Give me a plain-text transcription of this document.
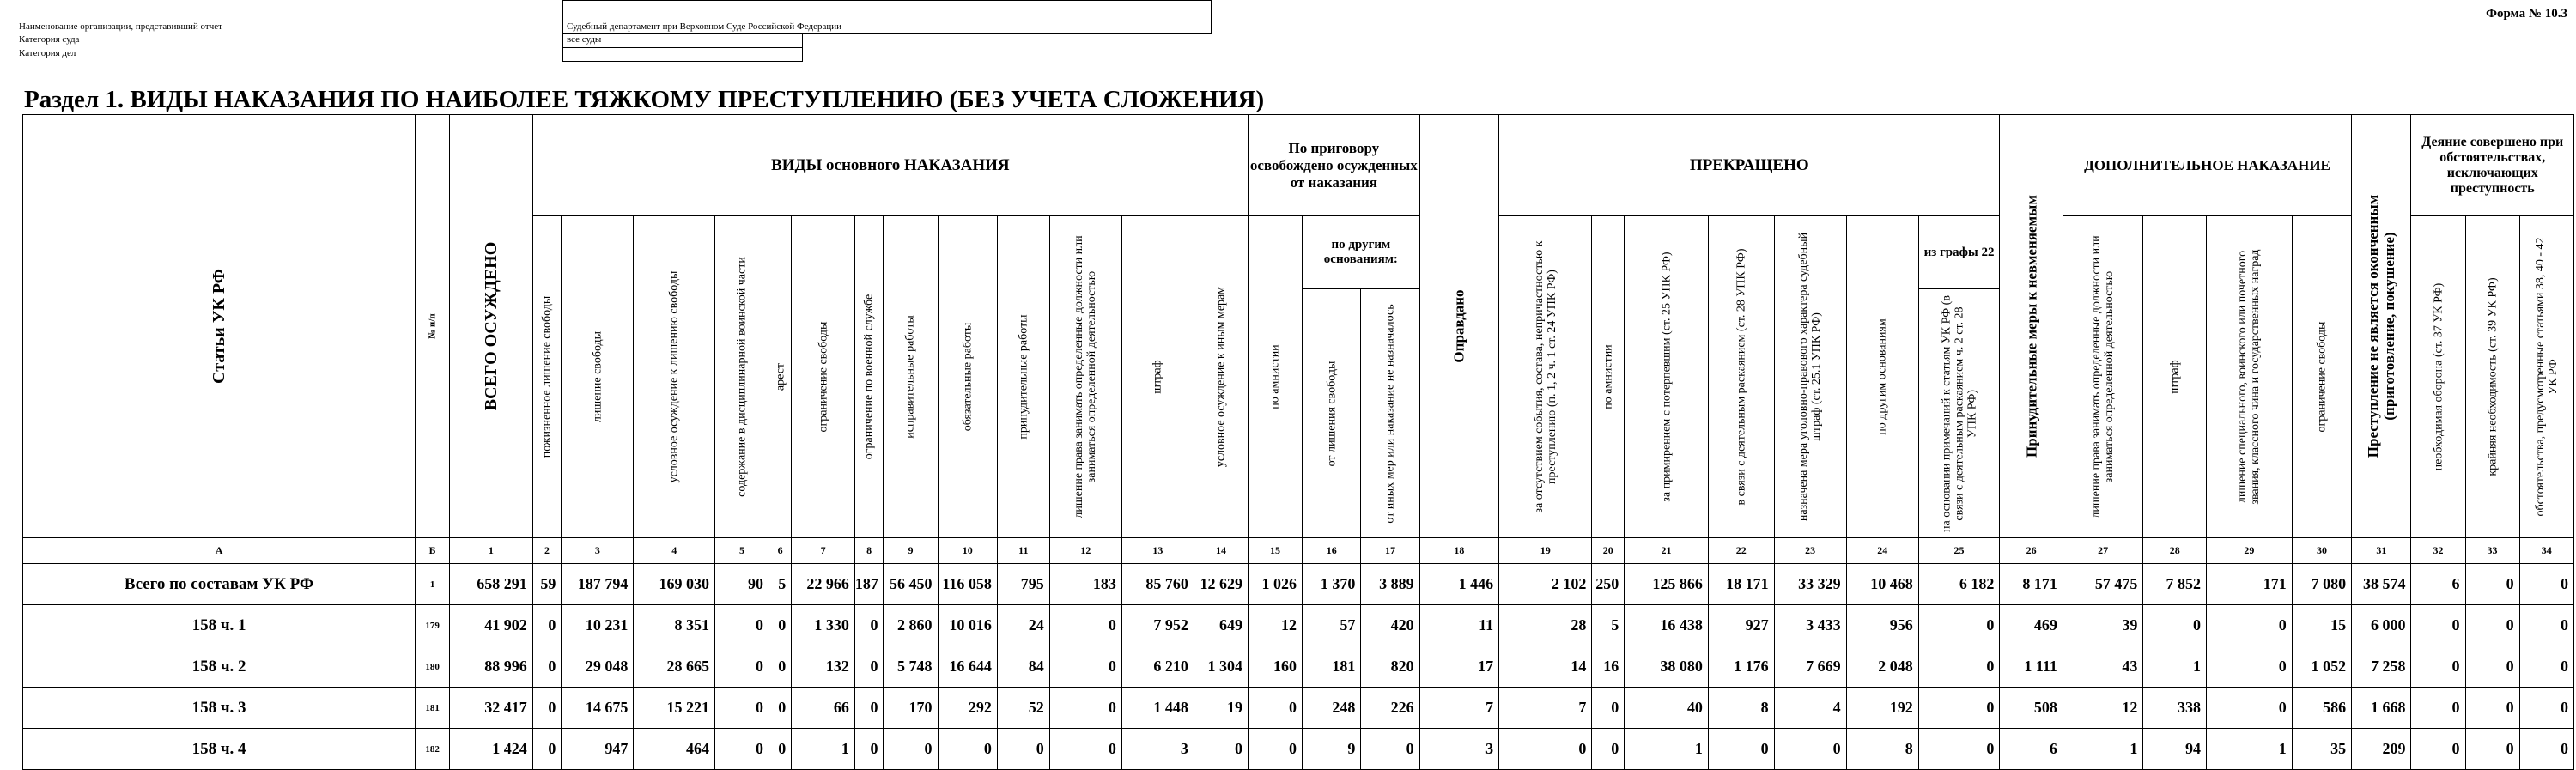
Наименование организации, представивший отчет
Категория суда
Категория дел
Судебный департамент при Верховном Суде Российской Федерации
все суды
Форма № 10.3
Раздел 1. ВИДЫ НАКАЗАНИЯ ПО НАИБОЛЕЕ ТЯЖКОМУ ПРЕСТУПЛЕНИЮ (БЕЗ УЧЕТА СЛОЖЕНИЯ)
Статьи УК РФ	№ п/п	ВСЕГО ОСУЖДЕНО	ВИДЫ основного НАКАЗАНИЯ													По приговору освобождено осужденных от наказания			Оправдано	ПРЕКРАЩЕНО							Принудительные меры к невменяемым	ДОПОЛНИТЕЛЬНОЕ НАКАЗАНИЕ				Преступление не является оконченным (приготовление, покушение)	Деяние совершено при обстоятельствах, исключающих преступность		

			пожизненное лишение свободы	лишение свободы	условное осуждение к лишению свободы	содержание в дисциплинарной воинской части	арест	ограничение свободы	ограничение по военной службе	исправительные работы	обязательные работы	принудительные работы	лишение права занимать определенные должности или заниматься определенной деятельностью	штраф	условное осуждение к иным мерам	по амнистии	по другим основаниям:			за отсутствием события, состава, непричастностью к преступлению (п. 1, 2 ч. 1 ст. 24 УПК РФ)	по амнистии	за примирением с потерпевшим (ст. 25 УПК РФ)	в связи с деятельным раскаянием (ст. 28 УПК РФ)	назначена мера уголовно-правового характера судебный штраф (ст. 25.1 УПК РФ)	по другим основаниям	из графы 22		лишение права занимать определенные должности или заниматься определенной деятельностью	штраф	лишение специального, воинского или почетного звания, классного чина и государственных наград	ограничение свободы		необходимая оборона (ст. 37 УК РФ)	крайняя необходимость (ст. 39 УК РФ)	обстоятельства, предусмотренные статьями 38, 40 - 42 УК РФ

																	от лишения свободы	от иных мер или наказание не назначалось								на основании примечаний к статьям УК РФ (в связи с деятельным раскаянием ч. 2 ст. 28 УПК РФ)									

А	Б	1	2	3	4	5	6	7	8	9	10	11	12	13	14	15	16	17	18	19	20	21	22	23	24	25	26	27	28	29	30	31	32	33	34
Всего по составам УК РФ	1	658 291	59	187 794	169 030	90	5	22 966	187	56 450	116 058	795	183	85 760	12 629	1 026	1 370	3 889	1 446	2 102	250	125 866	18 171	33 329	10 468	6 182	8 171	57 475	7 852	171	7 080	38 574	6	0	0
158 ч. 1	179	41 902	0	10 231	8 351	0	0	1 330	0	2 860	10 016	24	0	7 952	649	12	57	420	11	28	5	16 438	927	3 433	956	0	469	39	0	0	15	6 000	0	0	0
158 ч. 2	180	88 996	0	29 048	28 665	0	0	132	0	5 748	16 644	84	0	6 210	1 304	160	181	820	17	14	16	38 080	1 176	7 669	2 048	0	1 111	43	1	0	1 052	7 258	0	0	0
158 ч. 3	181	32 417	0	14 675	15 221	0	0	66	0	170	292	52	0	1 448	19	0	248	226	7	7	0	40	8	4	192	0	508	12	338	0	586	1 668	0	0	0
158 ч. 4	182	1 424	0	947	464	0	0	1	0	0	0	0	0	3	0	0	9	0	3	0	0	1	0	0	8	0	6	1	94	1	35	209	0	0	0
